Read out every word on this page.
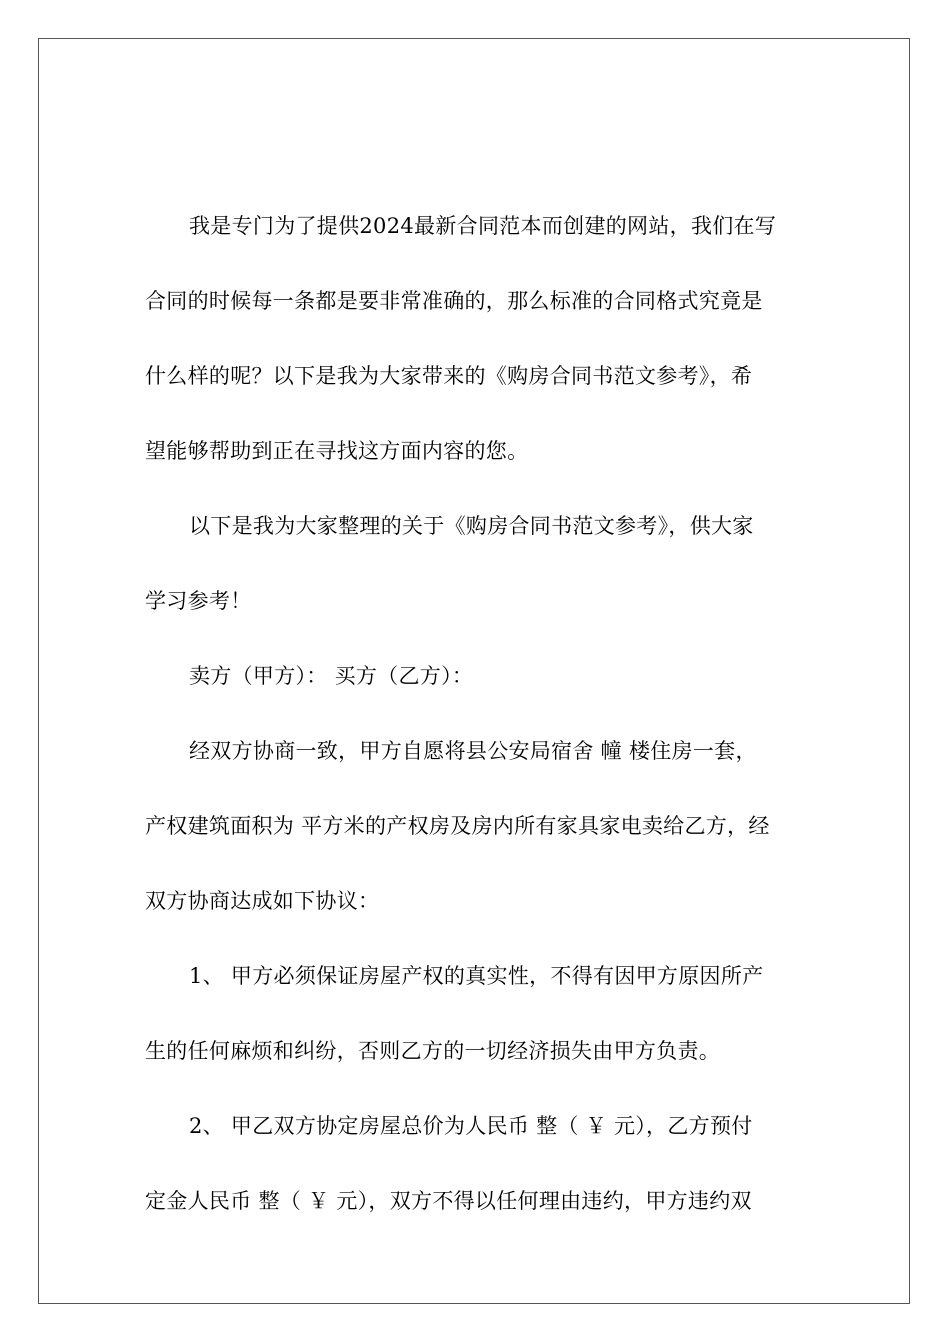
我是专门为了提供2024最新合同范本而创建的网站，我们在写
合同的时候每一条都是要非常准确的，那么标准的合同格式究竟是
什么样的呢？以下是我为大家带来的《购房合同书范文参考》，希
望能够帮助到正在寻找这方面内容的您。
以下是我为大家整理的关于《购房合同书范文参考》，供大家
学习参考！
卖方（甲方）： 买方（乙方）：
经双方协商一致，甲方自愿将县公安局宿舍 幢 楼住房一套，
产权建筑面积为 平方米的产权房及房内所有家具家电卖给乙方，经
双方协商达成如下协议：
1、 甲方必须保证房屋产权的真实性，不得有因甲方原因所产
生的任何麻烦和纠纷，否则乙方的一切经济损失由甲方负责。
2、 甲乙双方协定房屋总价为人民币 整（ ￥ 元），乙方预付
定金人民币 整（ ￥ 元），双方不得以任何理由违约，甲方违约双
